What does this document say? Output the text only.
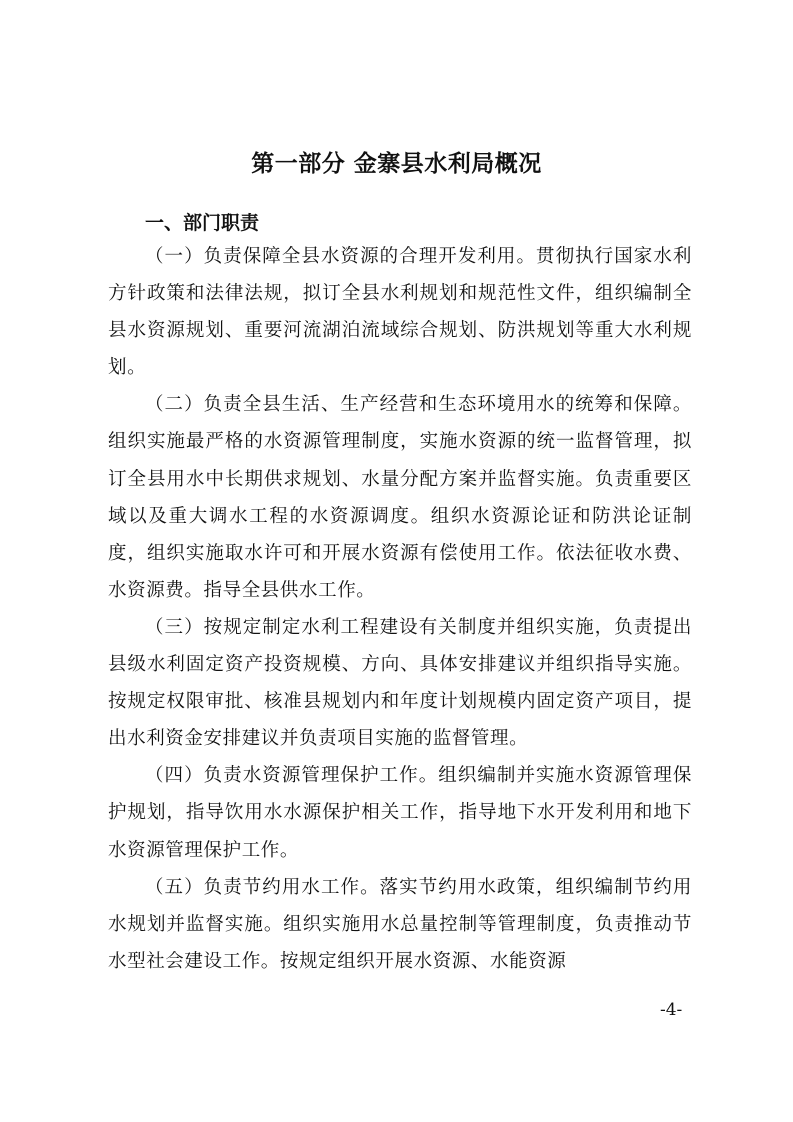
第一部分 金寨县水利局概况
一、部门职责

（一）负责保障全县水资源的合理开发利用。贯彻执行国家水利方针政策和法律法规，拟订全县水利规划和规范性文件，组织编制全县水资源规划、重要河流湖泊流域综合规划、防洪规划等重大水利规划。

（二）负责全县生活、生产经营和生态环境用水的统筹和保障。组织实施最严格的水资源管理制度，实施水资源的统一监督管理，拟订全县用水中长期供求规划、水量分配方案并监督实施。负责重要区域以及重大调水工程的水资源调度。组织水资源论证和防洪论证制度，组织实施取水许可和开展水资源有偿使用工作。依法征收水费、水资源费。指导全县供水工作。

（三）按规定制定水利工程建设有关制度并组织实施，负责提出县级水利固定资产投资规模、方向、具体安排建议并组织指导实施。按规定权限审批、核准县规划内和年度计划规模内固定资产项目，提出水利资金安排建议并负责项目实施的监督管理。

（四）负责水资源管理保护工作。组织编制并实施水资源管理保护规划，指导饮用水水源保护相关工作，指导地下水开发利用和地下水资源管理保护工作。

（五）负责节约用水工作。落实节约用水政策，组织编制节约用水规划并监督实施。组织实施用水总量控制等管理制度，负责推动节水型社会建设工作。按规定组织开展水资源、水能资源

-4-
